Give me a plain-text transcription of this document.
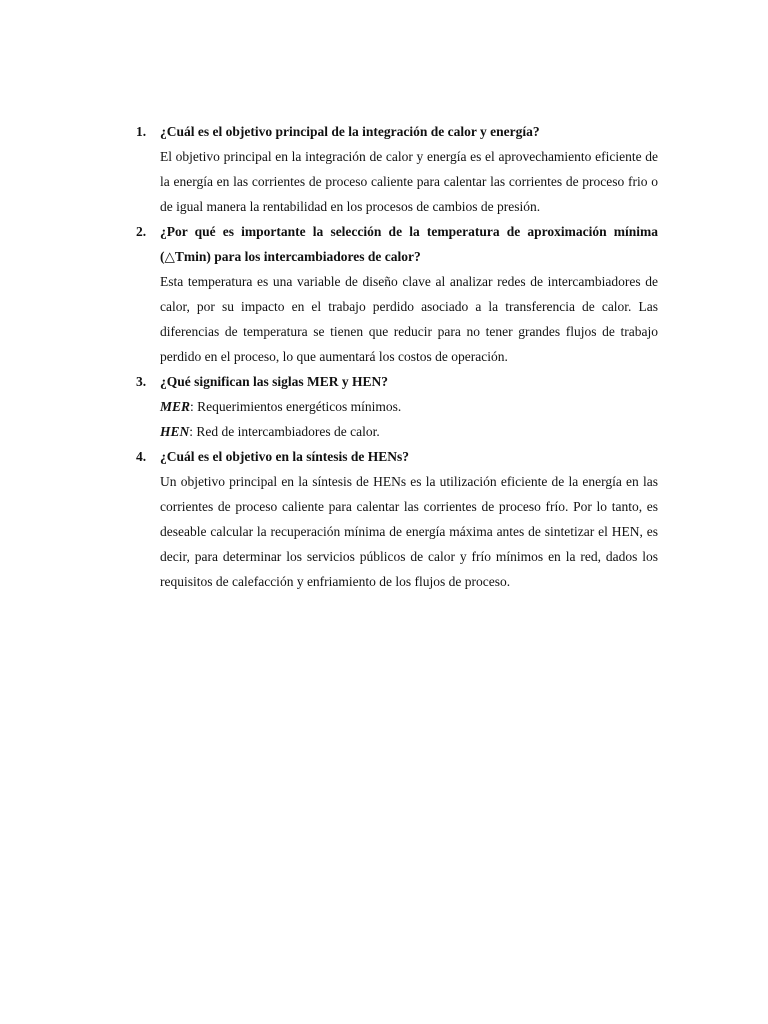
1. ¿Cuál es el objetivo principal de la integración de calor y energía?
El objetivo principal en la integración de calor y energía es el aprovechamiento eficiente de la energía en las corrientes de proceso caliente para calentar las corrientes de proceso frio o de igual manera la rentabilidad en los procesos de cambios de presión.
2. ¿Por qué es importante la selección de la temperatura de aproximación mínima (△Tmin) para los intercambiadores de calor?
Esta temperatura es una variable de diseño clave al analizar redes de intercambiadores de calor, por su impacto en el trabajo perdido asociado a la transferencia de calor. Las diferencias de temperatura se tienen que reducir para no tener grandes flujos de trabajo perdido en el proceso, lo que aumentará los costos de operación.
3. ¿Qué significan las siglas MER y HEN?
MER: Requerimientos energéticos mínimos.
HEN: Red de intercambiadores de calor.
4. ¿Cuál es el objetivo en la síntesis de HENs?
Un objetivo principal en la síntesis de HENs es la utilización eficiente de la energía en las corrientes de proceso caliente para calentar las corrientes de proceso frío. Por lo tanto, es deseable calcular la recuperación mínima de energía máxima antes de sintetizar el HEN, es decir, para determinar los servicios públicos de calor y frío mínimos en la red, dados los requisitos de calefacción y enfriamiento de los flujos de proceso.
